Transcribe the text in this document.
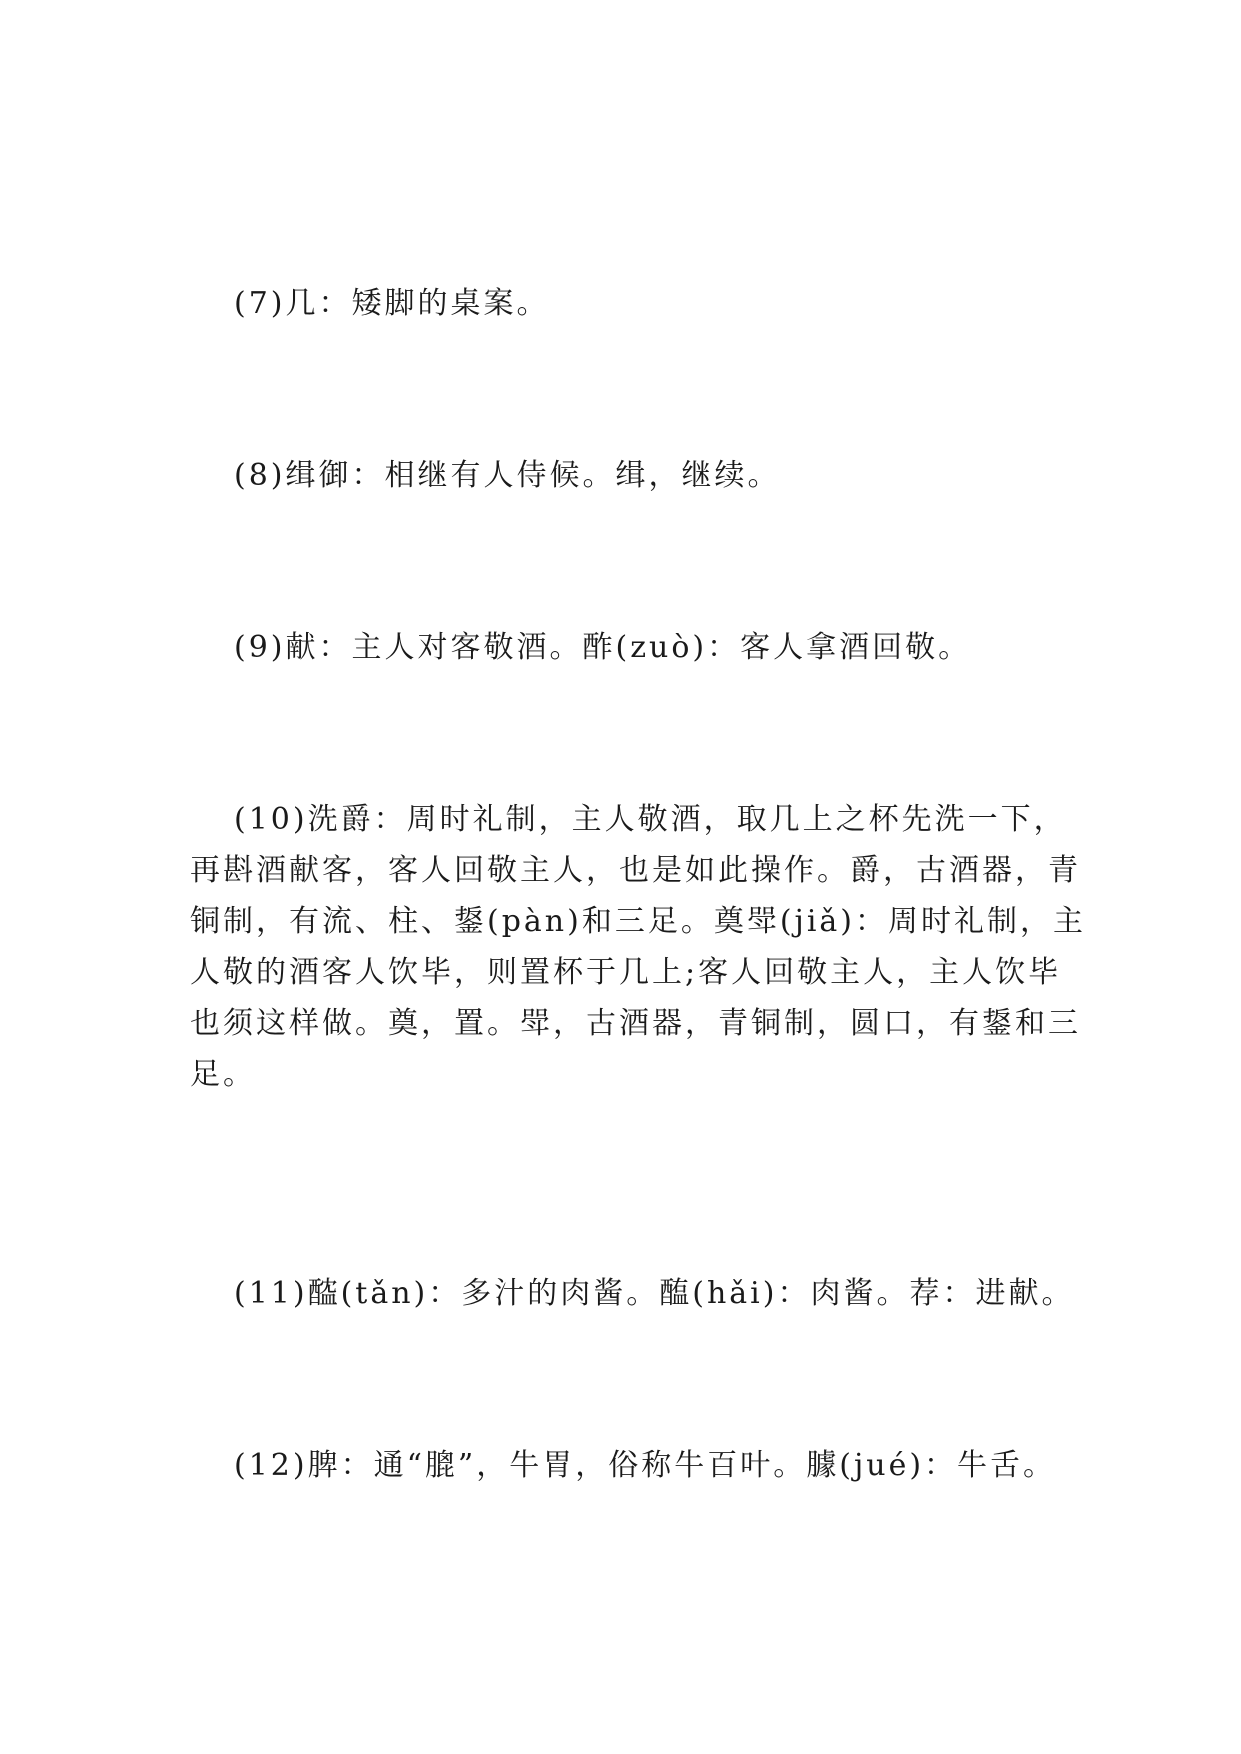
(7)几：矮脚的桌案。

(8)缉御：相继有人侍候。缉，继续。

(9)献：主人对客敬酒。酢(zuò)：客人拿酒回敬。

(10)洗爵：周时礼制，主人敬酒，取几上之杯先洗一下，再斟酒献客，客人回敬主人，也是如此操作。爵，古酒器，青铜制，有流、柱、鋬(pàn)和三足。奠斝(jiǎ)：周时礼制，主人敬的酒客人饮毕，则置杯于几上;客人回敬主人，主人饮毕也须这样做。奠，置。斝，古酒器，青铜制，圆口，有鋬和三足。

(11)醓(tǎn)：多汁的肉酱。醢(hǎi)：肉酱。荐：进献。

(12)脾：通“膍”，牛胃，俗称牛百叶。臄(jué)：牛舌。
